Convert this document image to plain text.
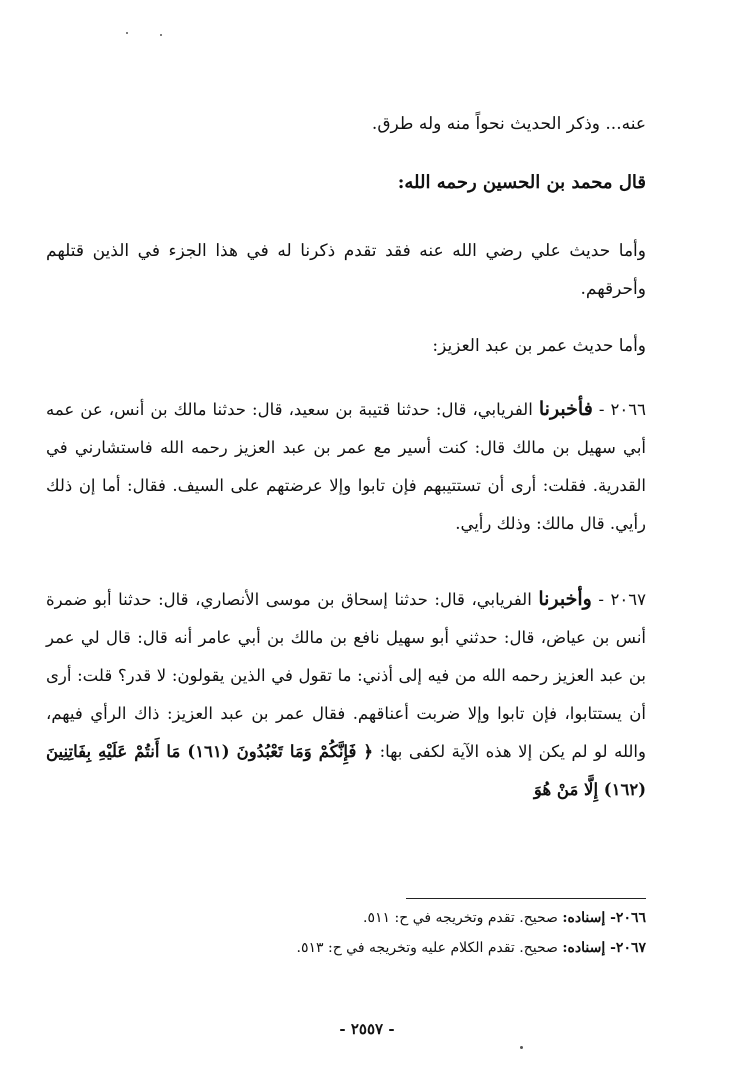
عنه... وذكر الحديث نحواً منه وله طرق.
قال محمد بن الحسين رحمه الله:
وأما حديث علي رضي الله عنه فقد تقدم ذكرنا له في هذا الجزء في الذين قتلهم وأحرقهم.
وأما حديث عمر بن عبد العزيز:
٢٠٦٦ - فأخبرنا الفريابي، قال: حدثنا قتيبة بن سعيد، قال: حدثنا مالك بن أنس، عن عمه أبي سهيل بن مالك قال: كنت أسير مع عمر بن عبد العزيز رحمه الله فاستشارني في القدرية. فقلت: أرى أن تستتيبهم فإن تابوا وإلا عرضتهم على السيف. فقال: أما إن ذلك رأيي. قال مالك: وذلك رأيي.
٢٠٦٧ - وأخبرنا الفريابي، قال: حدثنا إسحاق بن موسى الأنصاري، قال: حدثنا أبو ضمرة أنس بن عياض، قال: حدثني أبو سهيل نافع بن مالك بن أبي عامر أنه قال: قال لي عمر بن عبد العزيز رحمه الله من فيه إلى أذني: ما تقول في الذين يقولون: لا قدر؟ قلت: أرى أن يستتابوا، فإن تابوا وإلا ضربت أعناقهم. فقال عمر بن عبد العزيز: ذاك الرأي فيهم، والله لو لم يكن إلا هذه الآية لكفى بها: ﴿ فَإِنَّكُمْ وَمَا تَعْبُدُونَ (١٦١) مَا أَنتُمْ عَلَيْهِ بِفَاتِنِينَ (١٦٢) إِلَّا مَنْ هُوَ
٢٠٦٦- إسناده: صحيح. تقدم وتخريجه في ح: ٥١١.
٢٠٦٧- إسناده: صحيح. تقدم الكلام عليه وتخريجه في ح: ٥١٣.
- ٢٥٥٧ -
